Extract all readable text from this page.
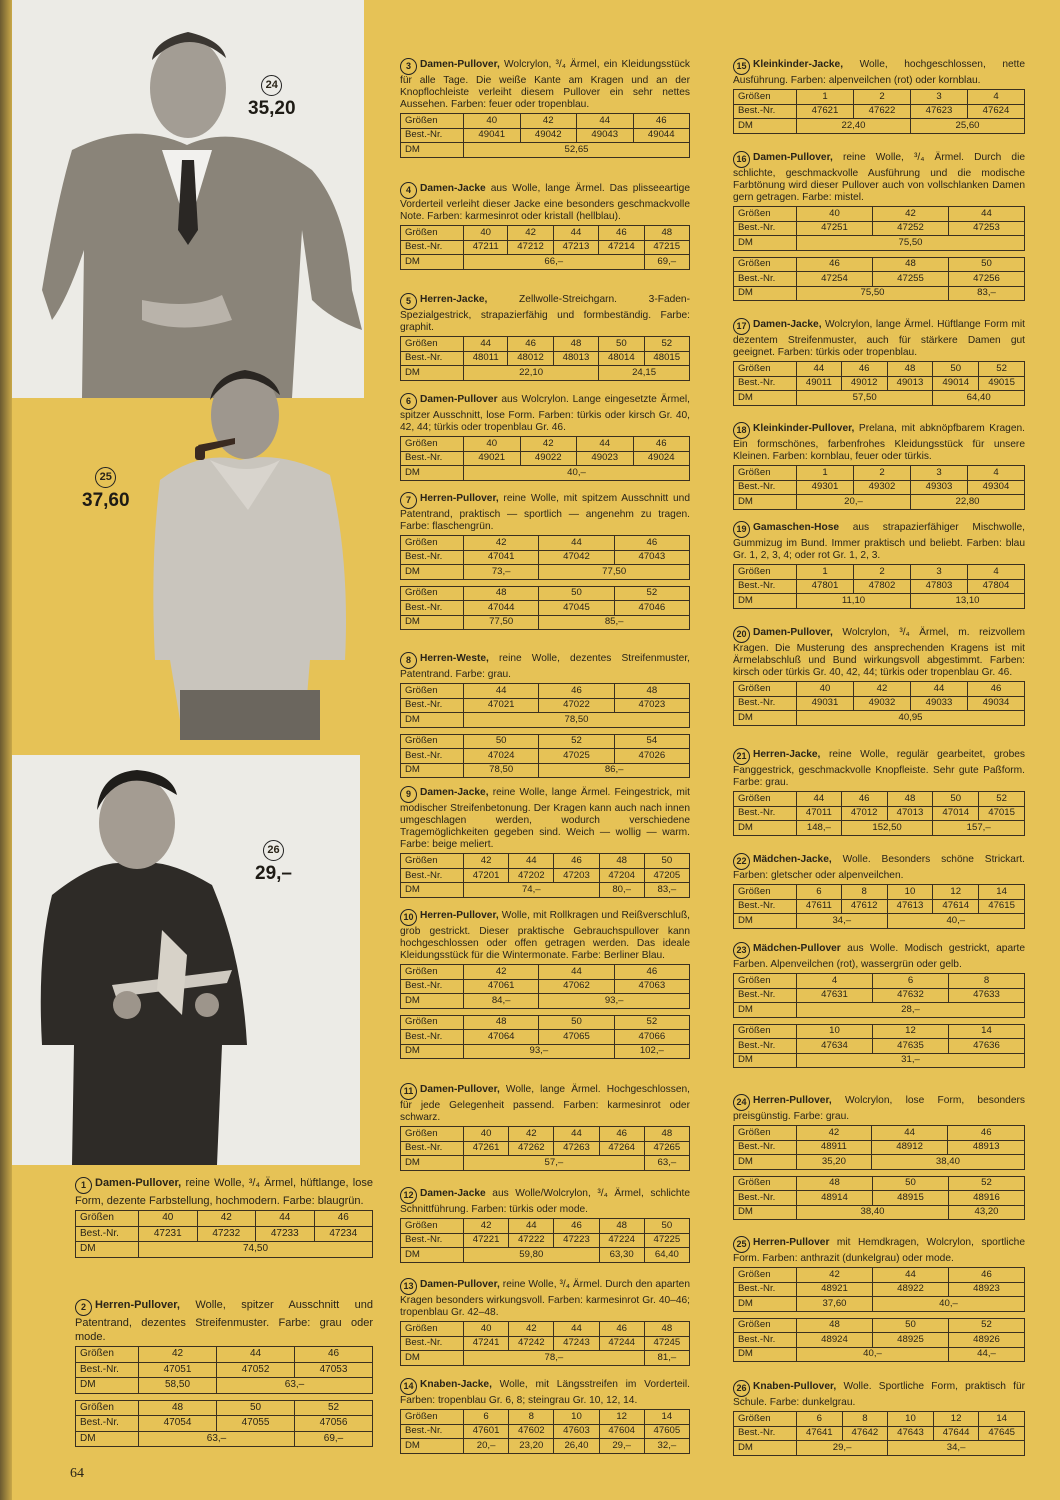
24
35,20
25
37,60
26
29,–

1 Damen-Pullover, reine Wolle, ³/₄ Ärmel, hüftlange, lose Form, dezente Farbstellung, hochmodern. Farbe: blaugrün.

Größen	40	42	44	46
Best.-Nr.	47231	47232	47233	47234
DM	74,50			

2 Herren-Pullover, Wolle, spitzer Ausschnitt und Patentrand, dezentes Streifenmuster. Farbe: grau oder mode.

Größen	42	44	46
Best.-Nr.	47051	47052	47053
DM	58,50	63,–	
Größen	48	50	52
Best.-Nr.	47054	47055	47056
DM	63,–		69,–

3 Damen-Pullover, Wolcrylon, ³/₄ Ärmel, ein Kleidungsstück für alle Tage. Die weiße Kante am Kragen und an der Knopflochleiste verleiht diesem Pullover ein sehr nettes Aussehen. Farben: feuer oder tropenblau.

Größen	40	42	44	46
Best.-Nr.	49041	49042	49043	49044
DM	52,65			

4 Damen-Jacke aus Wolle, lange Ärmel. Das plisseeartige Vorderteil verleiht dieser Jacke eine besonders geschmackvolle Note. Farben: karmesinrot oder kristall (hellblau).

Größen	40	42	44	46	48
Best.-Nr.	47211	47212	47213	47214	47215
DM	66,–				69,–

5 Herren-Jacke, Zellwolle-Streichgarn. 3-Faden-Spezialgestrick, strapazierfähig und formbeständig. Farbe: graphit.

Größen	44	46	48	50	52
Best.-Nr.	48011	48012	48013	48014	48015
DM	22,10			24,15	

6 Damen-Pullover aus Wolcrylon. Lange eingesetzte Ärmel, spitzer Ausschnitt, lose Form. Farben: türkis oder kirsch Gr. 40, 42, 44; türkis oder tropenblau Gr. 46.

Größen	40	42	44	46
Best.-Nr.	49021	49022	49023	49024
DM	40,–			

7 Herren-Pullover, reine Wolle, mit spitzem Ausschnitt und Patentrand, praktisch — sportlich — angenehm zu tragen. Farbe: flaschengrün.

Größen	42	44	46
Best.-Nr.	47041	47042	47043
DM	73,–	77,50	
Größen	48	50	52
Best.-Nr.	47044	47045	47046
DM	77,50	85,–	

8 Herren-Weste, reine Wolle, dezentes Streifenmuster, Patentrand. Farbe: grau.

Größen	44	46	48
Best.-Nr.	47021	47022	47023
DM	78,50		
Größen	50	52	54
Best.-Nr.	47024	47025	47026
DM	78,50	86,–	

9 Damen-Jacke, reine Wolle, lange Ärmel. Feingestrick, mit modischer Streifenbetonung. Der Kragen kann auch nach innen umgeschlagen werden, wodurch verschiedene Tragemöglichkeiten gegeben sind. Weich — wollig — warm. Farbe: beige meliert.

Größen	42	44	46	48	50
Best.-Nr.	47201	47202	47203	47204	47205
DM	74,–			80,–	83,–

10 Herren-Pullover, Wolle, mit Rollkragen und Reißverschluß, grob gestrickt. Dieser praktische Gebrauchspullover kann hochgeschlossen oder offen getragen werden. Das ideale Kleidungsstück für die Wintermonate. Farbe: Berliner Blau.

Größen	42	44	46
Best.-Nr.	47061	47062	47063
DM	84,–	93,–	
Größen	48	50	52
Best.-Nr.	47064	47065	47066
DM	93,–		102,–

11 Damen-Pullover, Wolle, lange Ärmel. Hochgeschlossen, für jede Gelegenheit passend. Farben: karmesinrot oder schwarz.

Größen	40	42	44	46	48
Best.-Nr.	47261	47262	47263	47264	47265
DM	57,–				63,–

12 Damen-Jacke aus Wolle/Wolcrylon, ³/₄ Ärmel, schlichte Schnittführung. Farben: türkis oder mode.

Größen	42	44	46	48	50
Best.-Nr.	47221	47222	47223	47224	47225
DM	59,80			63,30	64,40

13 Damen-Pullover, reine Wolle, ³/₄ Ärmel. Durch den aparten Kragen besonders wirkungsvoll. Farben: karmesinrot Gr. 40–46; tropenblau Gr. 42–48.

Größen	40	42	44	46	48
Best.-Nr.	47241	47242	47243	47244	47245
DM	78,–				81,–

14 Knaben-Jacke, Wolle, mit Längsstreifen im Vorderteil. Farben: tropenblau Gr. 6, 8; steingrau Gr. 10, 12, 14.

Größen	6	8	10	12	14
Best.-Nr.	47601	47602	47603	47604	47605
DM	20,–	23,20	26,40	29,–	32,–

15 Kleinkinder-Jacke, Wolle, hochgeschlossen, nette Ausführung. Farben: alpenveilchen (rot) oder kornblau.

Größen	1	2	3	4
Best.-Nr.	47621	47622	47623	47624
DM	22,40		25,60	

16 Damen-Pullover, reine Wolle, ³/₄ Ärmel. Durch die schlichte, geschmackvolle Ausführung und die modische Farbtönung wird dieser Pullover auch von vollschlanken Damen gern getragen. Farbe: mistel.

Größen	40	42	44
Best.-Nr.	47251	47252	47253
DM	75,50		
Größen	46	48	50
Best.-Nr.	47254	47255	47256
DM	75,50		83,–

17 Damen-Jacke, Wolcrylon, lange Ärmel. Hüftlange Form mit dezentem Streifenmuster, auch für stärkere Damen gut geeignet. Farben: türkis oder tropenblau.

Größen	44	46	48	50	52
Best.-Nr.	49011	49012	49013	49014	49015
DM	57,50			64,40	

18 Kleinkinder-Pullover, Prelana, mit abknöpfbarem Kragen. Ein formschönes, farbenfrohes Kleidungsstück für unsere Kleinen. Farben: kornblau, feuer oder türkis.

Größen	1	2	3	4
Best.-Nr.	49301	49302	49303	49304
DM	20,–		22,80	

19 Gamaschen-Hose aus strapazierfähiger Mischwolle, Gummizug im Bund. Immer praktisch und beliebt. Farben: blau Gr. 1, 2, 3, 4; oder rot Gr. 1, 2, 3.

Größen	1	2	3	4
Best.-Nr.	47801	47802	47803	47804
DM	11,10		13,10	

20 Damen-Pullover, Wolcrylon, ³/₄ Ärmel, m. reizvollem Kragen. Die Musterung des ansprechenden Kragens ist mit Ärmelabschluß und Bund wirkungsvoll abgestimmt. Farben: kirsch oder türkis Gr. 40, 42, 44; türkis oder tropenblau Gr. 46.

Größen	40	42	44	46
Best.-Nr.	49031	49032	49033	49034
DM	40,95			

21 Herren-Jacke, reine Wolle, regulär gearbeitet, grobes Fanggestrick, geschmackvolle Knopfleiste. Sehr gute Paßform. Farbe: grau.

Größen	44	46	48	50	52
Best.-Nr.	47011	47012	47013	47014	47015
DM	148,–	152,50		157,–	

22 Mädchen-Jacke, Wolle. Besonders schöne Strickart. Farben: gletscher oder alpenveilchen.

Größen	6	8	10	12	14
Best.-Nr.	47611	47612	47613	47614	47615
DM	34,–		40,–		

23 Mädchen-Pullover aus Wolle. Modisch gestrickt, aparte Farben. Alpenveilchen (rot), wassergrün oder gelb.

Größen	4	6	8
Best.-Nr.	47631	47632	47633
DM	28,–		
Größen	10	12	14
Best.-Nr.	47634	47635	47636
DM	31,–		

24 Herren-Pullover, Wolcrylon, lose Form, besonders preisgünstig. Farbe: grau.

Größen	42	44	46
Best.-Nr.	48911	48912	48913
DM	35,20	38,40	
Größen	48	50	52
Best.-Nr.	48914	48915	48916
DM	38,40		43,20

25 Herren-Pullover mit Hemdkragen, Wolcrylon, sportliche Form. Farben: anthrazit (dunkelgrau) oder mode.

Größen	42	44	46
Best.-Nr.	48921	48922	48923
DM	37,60	40,–	
Größen	48	50	52
Best.-Nr.	48924	48925	48926
DM	40,–		44,–

26 Knaben-Pullover, Wolle. Sportliche Form, praktisch für Schule. Farbe: dunkelgrau.

Größen	6	8	10	12	14
Best.-Nr.	47641	47642	47643	47644	47645
DM	29,–		34,–		
64
